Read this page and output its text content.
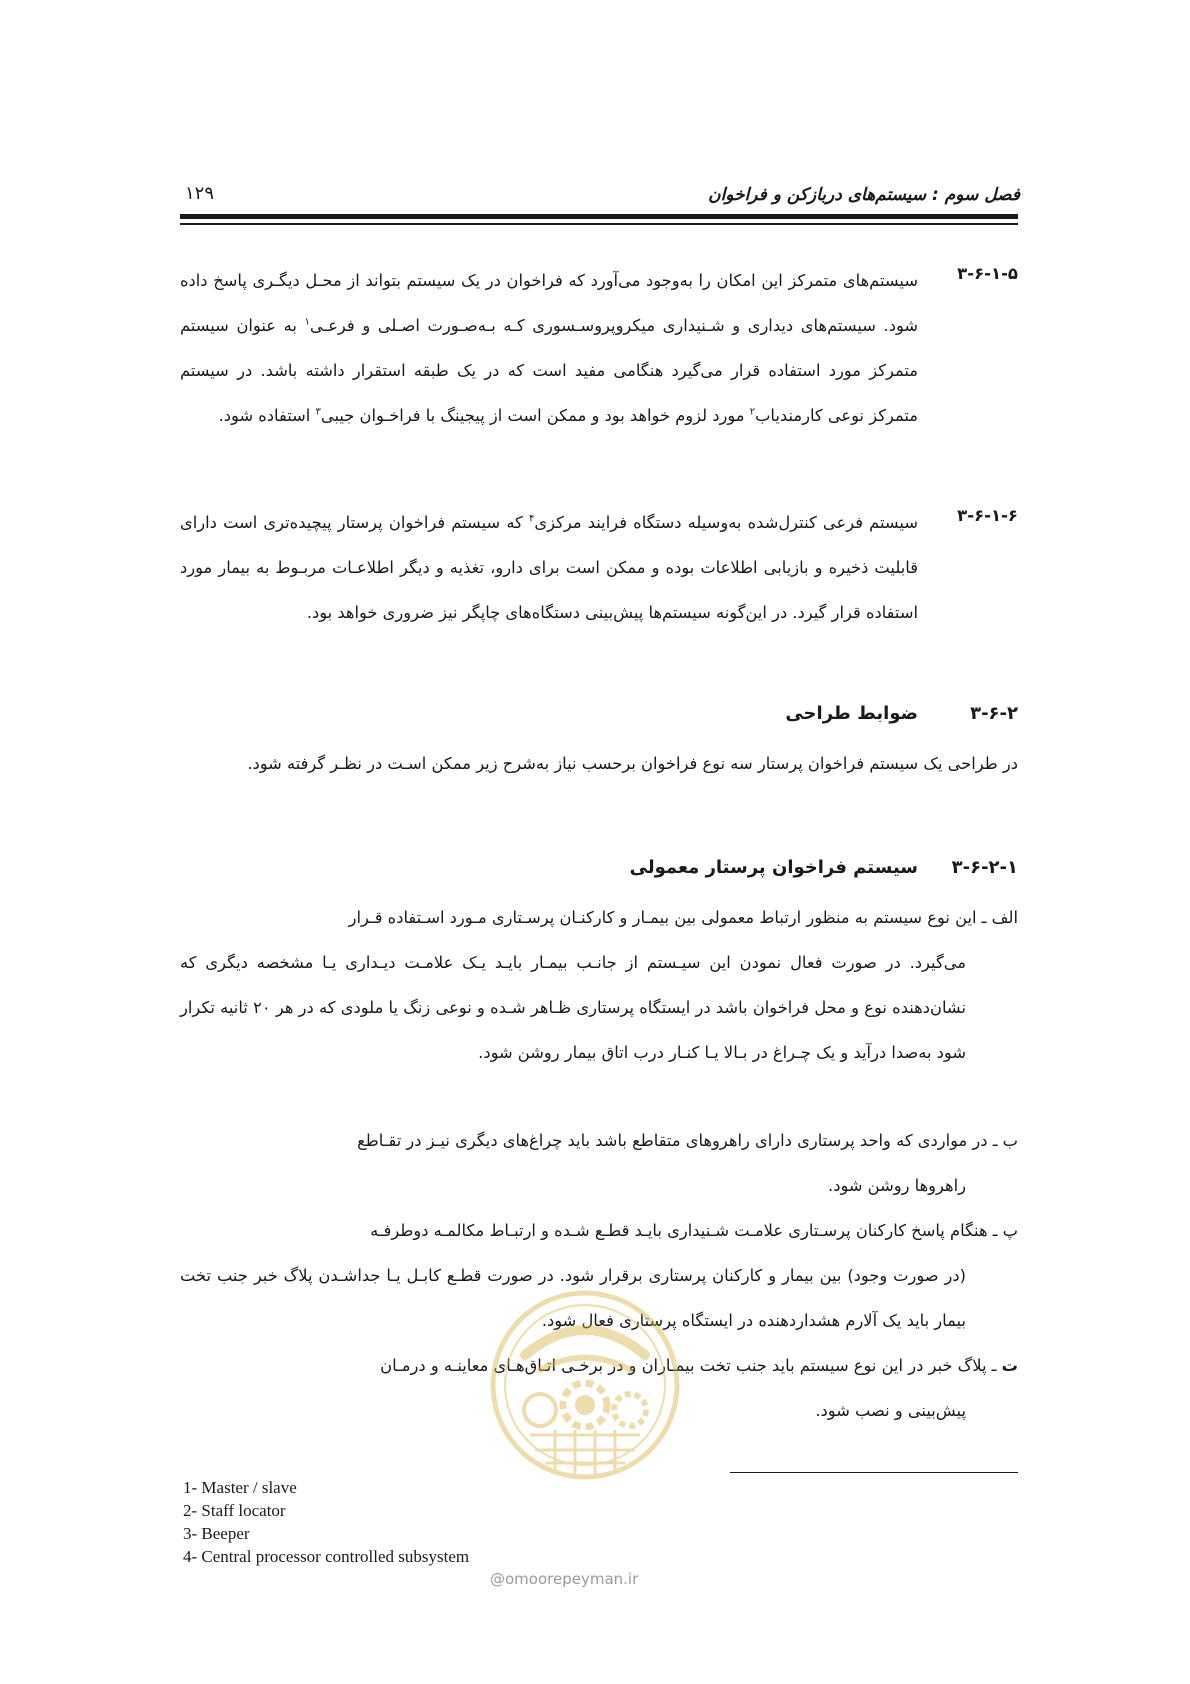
فصل سوم : سیستم‌های دربازکن و فراخوان
۱۲۹
۳-۶-۱-۵
سیستم‌های متمرکز این امکان را به‌وجود می‌آورد که فراخوان در یک سیستم بتواند از محـل دیگـری پاسخ داده شود. سیستم‌های دیداری و شـنیداری میکروپروسـسوری کـه بـه‌صـورت اصـلی و فرعـی$^۱$ به عنوان سیستم متمرکز مورد استفاده قرار می‌گیرد هنگامی مفید است که در یک طبقه استقرار داشته باشد. در سیستم متمرکز نوعی کارمندیاب$^۲$ مورد لزوم خواهد بود و ممکن است از پیجینگ با فراخـوان جیبی$^۳$ استفاده شود.
۳-۶-۱-۶
سیستم فرعی کنترل‌شده به‌وسیله دستگاه فرایند مرکزی$^۴$ که سیستم فراخوان پرستار پیچیده‌تری است دارای قابلیت ذخیره و بازیابی اطلاعات بوده و ممکن است برای دارو، تغذیه و دیگر اطلاعـات مربـوط به بیمار مورد استفاده قرار گیرد. در این‌گونه سیستم‌ها پیش‌بینی دستگاه‌های چاپگر نیز ضروری خواهد بود.
۳-۶-۲
ضوابط طراحی
در طراحی یک سیستم فراخوان پرستار سه نوع فراخوان برحسب نیاز به‌شرح زیر ممکن اسـت در نظـر گرفته شود.
۳-۶-۲-۱
سیستم فراخوان پرستار معمولی
الف ـ این نوع سیستم به منظور ارتباط معمولی بین بیمـار و کارکنـان پرسـتاری مـورد اسـتفاده قـرار
می‌گیرد. در صورت فعال نمودن این سیـستم از جانـب بیمـار بایـد یـک علامـت دیـداری یـا مشخصه دیگری که نشان‌دهنده نوع و محل فراخوان باشد در ایستگاه پرستاری ظـاهر شـده و نوعی زنگ یا ملودی که در هر ۲۰ ثانیه تکرار شود به‌صدا درآید و یک چـراغ در بـالا یـا کنـار درب اتاق بیمار روشن شود.
ب ـ در مواردی که واحد پرستاری دارای راهروهای متقاطع باشد باید چراغ‌های دیگری نیـز در تقـاطع
راهروها روشن شود.
پ ـ هنگام پاسخ کارکنان پرسـتاری علامـت شـنیداری بایـد قطـع شـده و ارتبـاط مکالمـه دوطرفـه
(در صورت وجود) بین بیمار و کارکنان پرستاری برقرار شود. در صورت قطـع کابـل یـا جداشـدن پلاگ خبر جنب تخت بیمار باید یک آلارم هشداردهنده در ایستگاه پرستاری فعال شود.
ت ـ پلاگ خبر در این نوع سیستم باید جنب تخت بیمـاران و در برخـی اتـاق‌هـای معاینـه و درمـان
پیش‌بینی و نصب شود.
@omoorepeyman.ir
1- Master / slave
2- Staff locator
3- Beeper
4- Central processor controlled subsystem
